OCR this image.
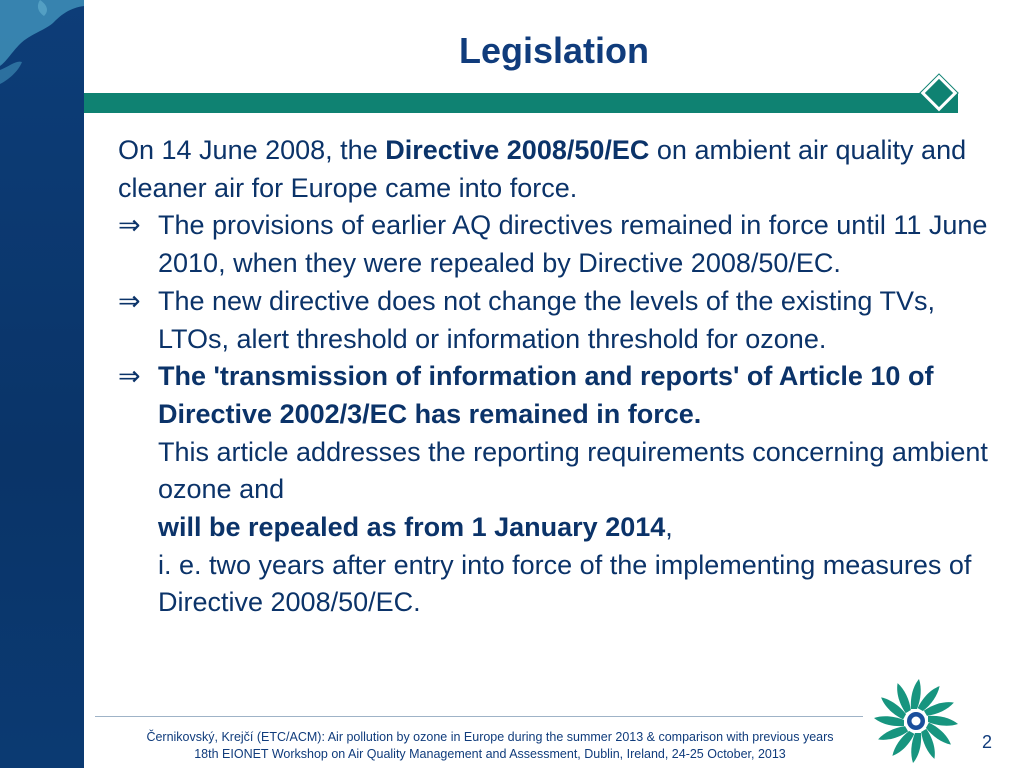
Legislation

On 14 June 2008, the Directive 2008/50/EC on ambient air quality and cleaner air for Europe came into force.

⇒ The provisions of earlier AQ directives remained in force until 11 June 2010, when they were repealed by Directive 2008/50/EC.

⇒ The new directive does not change the levels of the existing TVs, LTOs, alert threshold or information threshold for ozone.

⇒ The 'transmission of information and reports' of Article 10 of Directive 2002/3/EC has remained in force.

This article addresses the reporting requirements concerning ambient ozone and

will be repealed as from 1 January 2014,

i. e. two years after entry into force of the implementing measures of Directive 2008/50/EC.

Černikovský, Krejčí (ETC/ACM): Air pollution by ozone in Europe during the summer 2013 & comparison with previous years
18th EIONET Workshop on Air Quality Management and Assessment, Dublin, Ireland, 24-25 October, 2013
2
